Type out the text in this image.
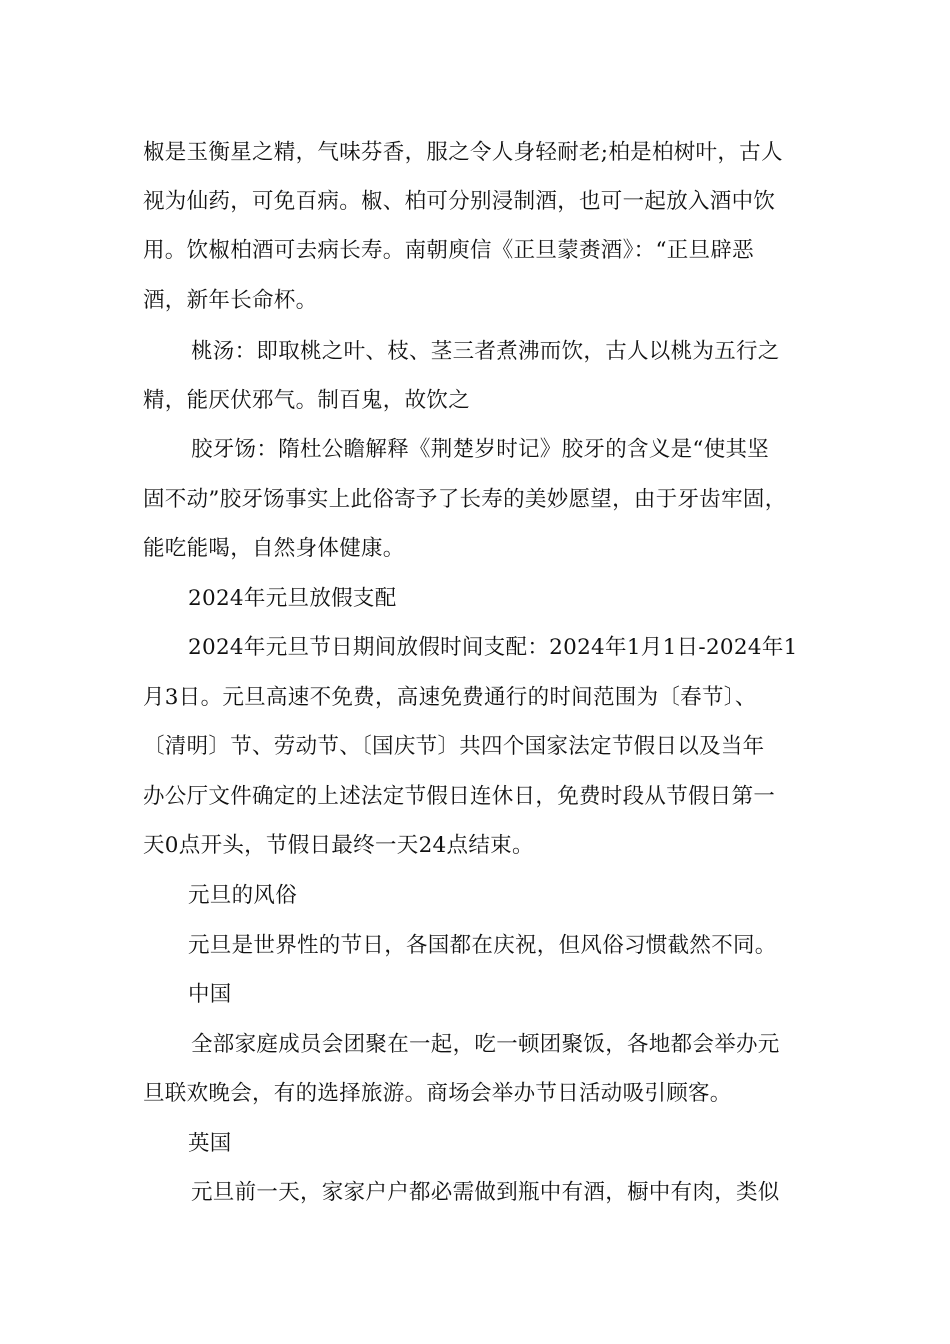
椒是玉衡星之精，气味芬香，服之令人身轻耐老;柏是柏树叶，古人
视为仙药，可免百病。椒、柏可分别浸制酒，也可一起放入酒中饮
用。饮椒柏酒可去病长寿。南朝庾信《正旦蒙赉酒》：“正旦辟恶
酒，新年长命杯。
桃汤：即取桃之叶、枝、茎三者煮沸而饮，古人以桃为五行之
精，能厌伏邪气。制百鬼，故饮之
胶牙饧：隋杜公瞻解释《荆楚岁时记》胶牙的含义是“使其坚
固不动”胶牙饧事实上此俗寄予了长寿的美妙愿望，由于牙齿牢固，
能吃能喝，自然身体健康。
2024年元旦放假支配
2024年元旦节日期间放假时间支配：2024年1月1日-2024年1
月3日。元旦高速不免费，高速免费通行的时间范围为〔春节〕、
〔清明〕节、劳动节、〔国庆节〕共四个国家法定节假日以及当年
办公厅文件确定的上述法定节假日连休日，免费时段从节假日第一
天0点开头，节假日最终一天24点结束。
元旦的风俗
元旦是世界性的节日，各国都在庆祝，但风俗习惯截然不同。
中国
全部家庭成员会团聚在一起，吃一顿团聚饭，各地都会举办元
旦联欢晚会，有的选择旅游。商场会举办节日活动吸引顾客。
英国
元旦前一天，家家户户都必需做到瓶中有酒，橱中有肉，类似
